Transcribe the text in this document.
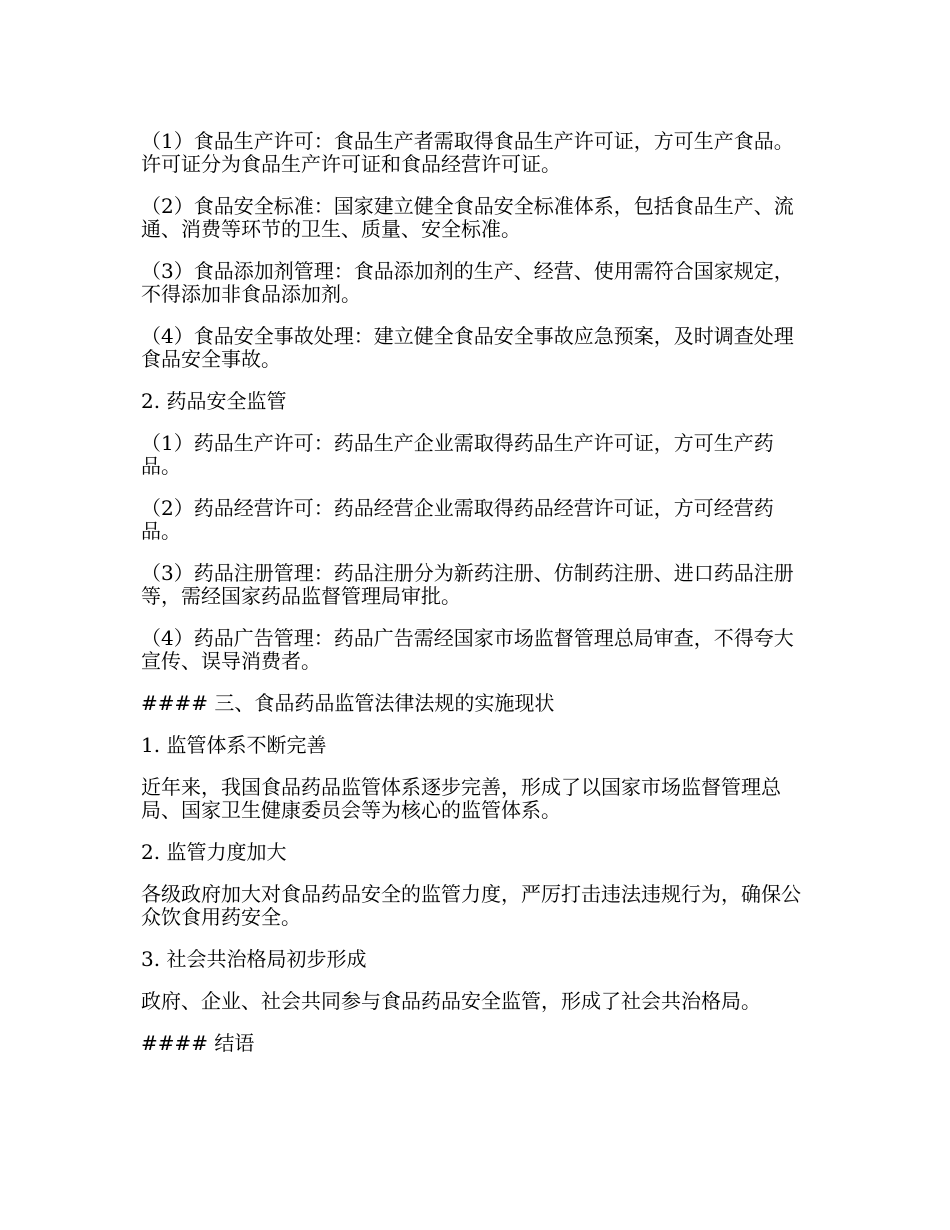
（1）食品生产许可：食品生产者需取得食品生产许可证，方可生产食品。许可证分为食品生产许可证和食品经营许可证。

（2）食品安全标准：国家建立健全食品安全标准体系，包括食品生产、流通、消费等环节的卫生、质量、安全标准。

（3）食品添加剂管理：食品添加剂的生产、经营、使用需符合国家规定，不得添加非食品添加剂。

（4）食品安全事故处理：建立健全食品安全事故应急预案，及时调查处理食品安全事故。

2. 药品安全监管

（1）药品生产许可：药品生产企业需取得药品生产许可证，方可生产药品。

（2）药品经营许可：药品经营企业需取得药品经营许可证，方可经营药品。

（3）药品注册管理：药品注册分为新药注册、仿制药注册、进口药品注册等，需经国家药品监督管理局审批。

（4）药品广告管理：药品广告需经国家市场监督管理总局审查，不得夸大宣传、误导消费者。

#### 三、食品药品监管法律法规的实施现状

1. 监管体系不断完善

近年来，我国食品药品监管体系逐步完善，形成了以国家市场监督管理总局、国家卫生健康委员会等为核心的监管体系。

2. 监管力度加大

各级政府加大对食品药品安全的监管力度，严厉打击违法违规行为，确保公众饮食用药安全。

3. 社会共治格局初步形成

政府、企业、社会共同参与食品药品安全监管，形成了社会共治格局。

#### 结语
